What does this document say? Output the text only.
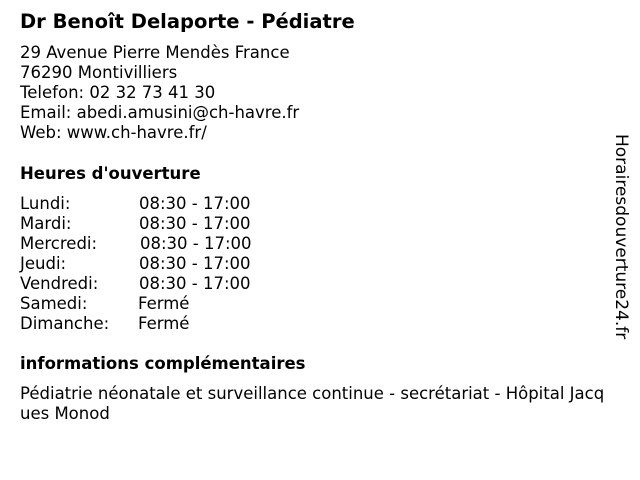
Dr Benoît Delaporte - Pédiatre
29 Avenue Pierre Mendès France
76290 Montivilliers
Telefon: 02 32 73 41 30
Email: abedi.amusini@ch-havre.fr
Web: www.ch-havre.fr/
Heures d'ouverture
Lundi:	08:30 - 17:00
Mardi:	08:30 - 17:00
Mercredi:	08:30 - 17:00
Jeudi:	08:30 - 17:00
Vendredi: 08:30 - 17:00
Samedi:	Fermé
Dimanche: Fermé
informations complémentaires
Pédiatrie néonatale et surveillance continue - secrétariat - Hôpital Jacques Monod
Horairesdouverture24.fr
